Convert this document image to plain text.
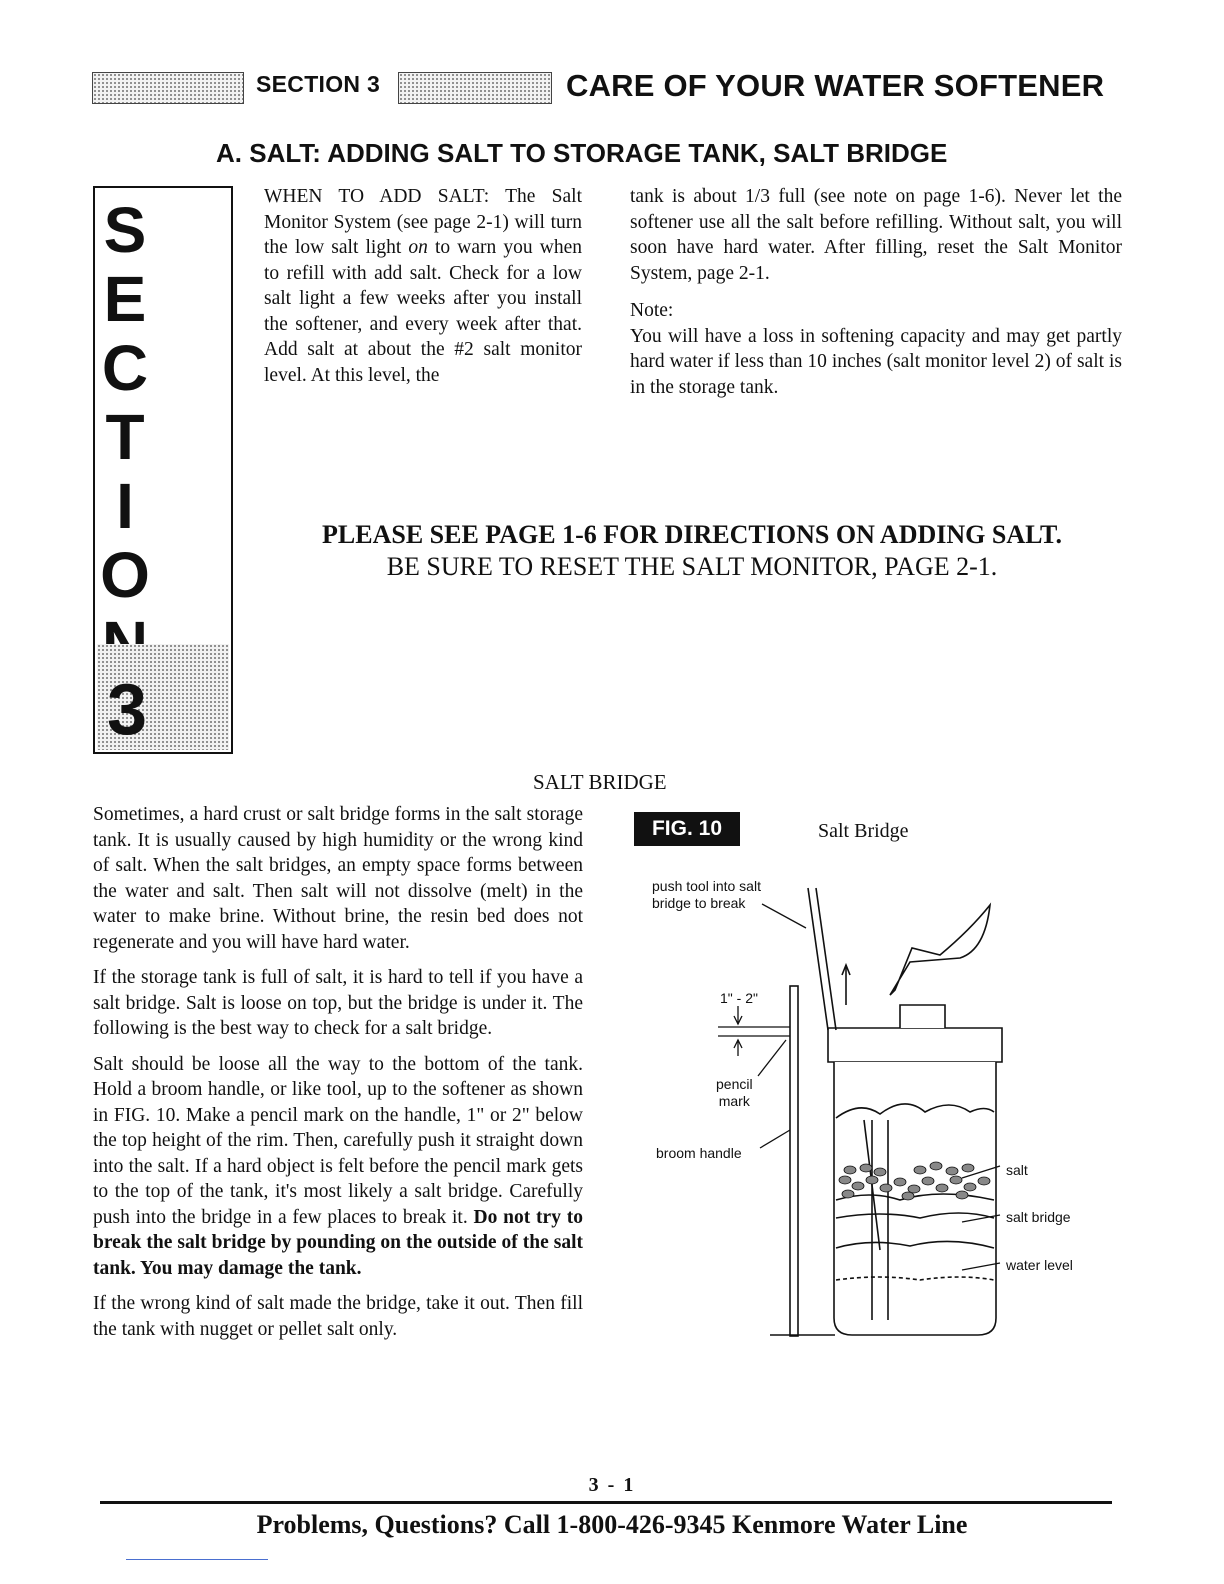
SECTION 3	CARE OF YOUR WATER SOFTENER
A. SALT: ADDING SALT TO STORAGE TANK, SALT BRIDGE
S
E
C
T
I
O
3

WHEN TO ADD SALT: The Salt Monitor System (see page 2-1) will turn the low salt light on to warn you when to refill with add salt. Check for a low salt light a few weeks after you install the softener, and every week after that. Add salt at about the #2 salt monitor level. At this level, the

tank is about 1/3 full (see note on page 1-6). Never let the softener use all the salt before refilling. Without salt, you will soon have hard water. After filling, reset the Salt Monitor System, page 2-1.

Note:

You will have a loss in softening capacity and may get partly hard water if less than 10 inches (salt monitor level 2) of salt is in the storage tank.

PLEASE SEE PAGE 1-6 FOR DIRECTIONS ON ADDING SALT.
BE SURE TO RESET THE SALT MONITOR, PAGE 2-1.
SALT BRIDGE

Sometimes, a hard crust or salt bridge forms in the salt storage tank. It is usually caused by high humidity or the wrong kind of salt. When the salt bridges, an empty space forms between the water and salt. Then salt will not dissolve (melt) in the water to make brine. Without brine, the resin bed does not regenerate and you will have hard water.

If the storage tank is full of salt, it is hard to tell if you have a salt bridge. Salt is loose on top, but the bridge is under it. The following is the best way to check for a salt bridge.

Salt should be loose all the way to the bottom of the tank. Hold a broom handle, or like tool, up to the softener as shown in FIG. 10. Make a pencil mark on the handle, 1" or 2" below the top height of the rim. Then, carefully push it straight down into the salt. If a hard object is felt before the pencil mark gets to the top of the tank, it's most likely a salt bridge. Carefully push into the bridge in a few places to break it. Do not try to break the salt bridge by pounding on the outside of the salt tank. You may damage the tank.

If the wrong kind of salt made the bridge, take it out. Then fill the tank with nugget or pellet salt only.

FIG. 10	Salt Bridge
push tool into salt
bridge to break
1" - 2"
pencil
mark
broom handle
salt
salt bridge
water level
3 - 1
Problems, Questions? Call 1-800-426-9345 Kenmore Water Line
